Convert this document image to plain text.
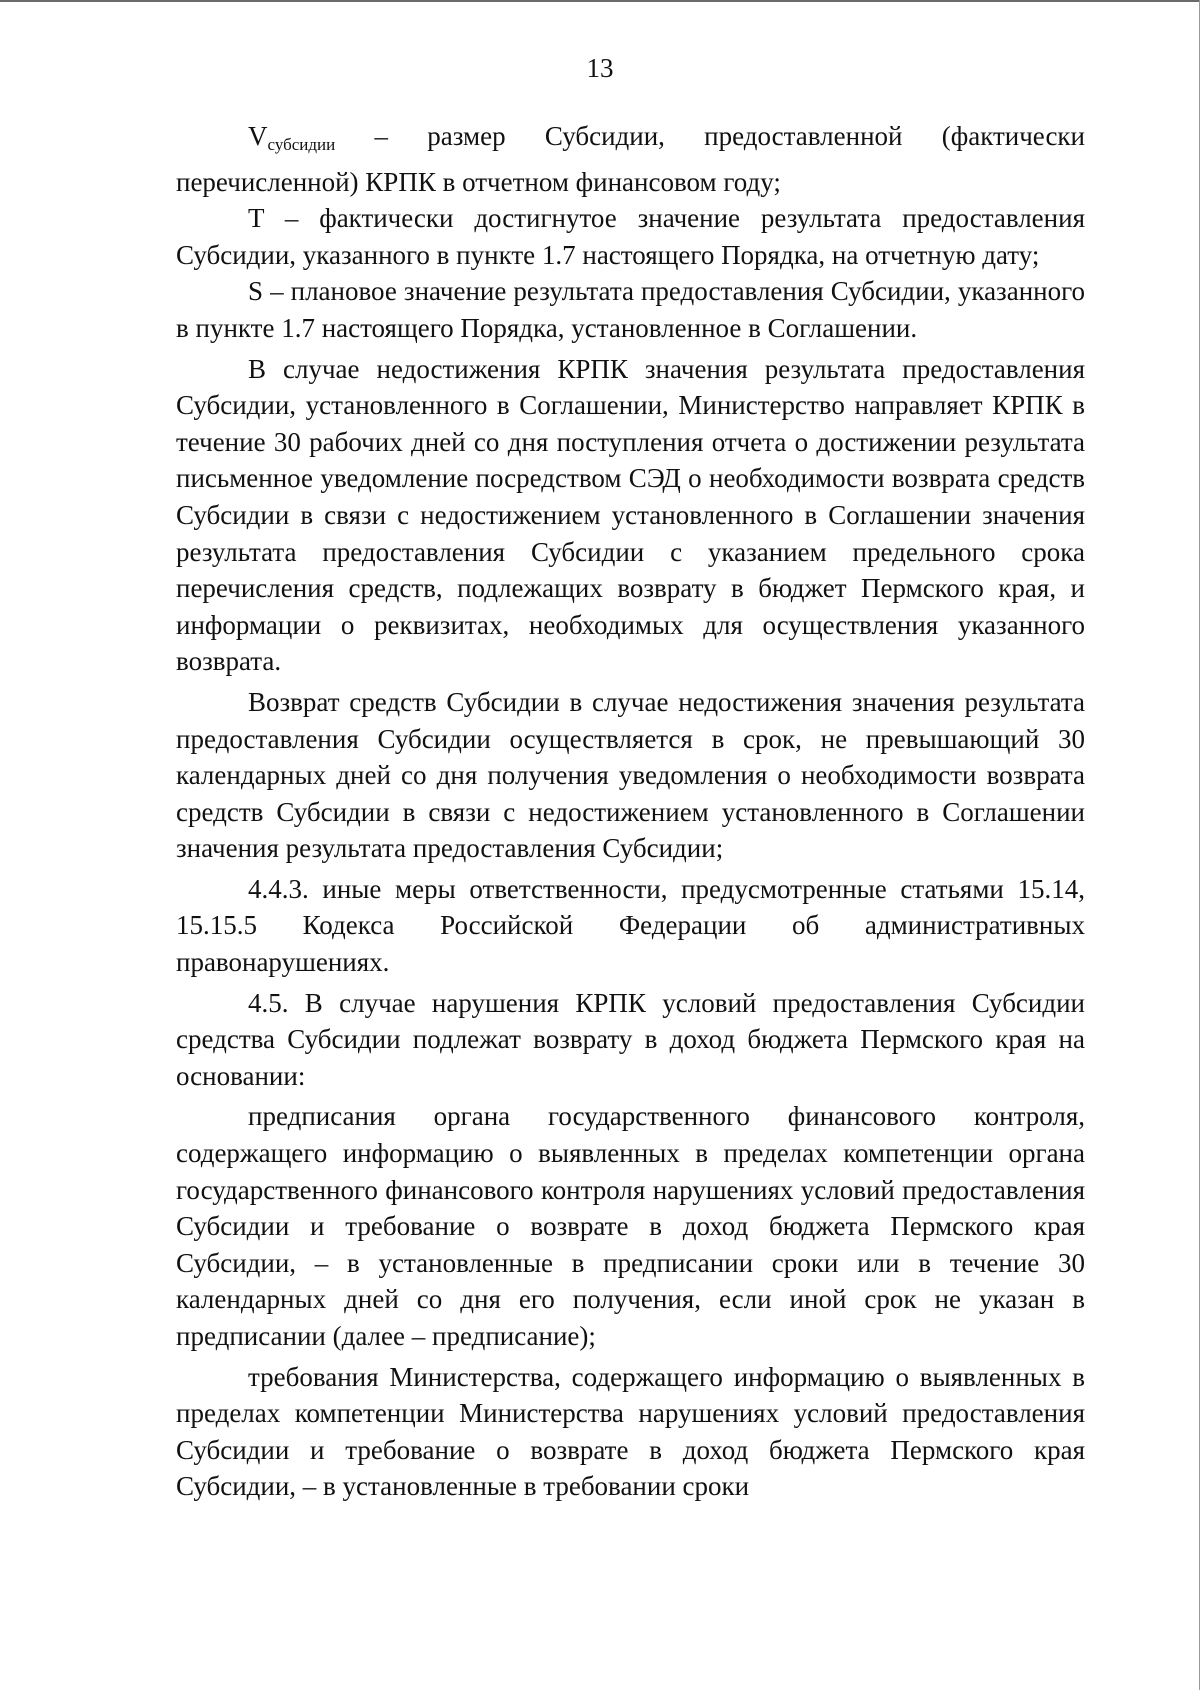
13

$V_{субсидии}$ – размер Субсидии, предоставленной (фактически перечисленной) КРПК в отчетном финансовом году;

T – фактически достигнутое значение результата предоставления Субсидии, указанного в пункте 1.7 настоящего Порядка, на отчетную дату;

S – плановое значение результата предоставления Субсидии, указанного в пункте 1.7 настоящего Порядка, установленное в Соглашении.

В случае недостижения КРПК значения результата предоставления Субсидии, установленного в Соглашении, Министерство направляет КРПК в течение 30 рабочих дней со дня поступления отчета о достижении результата письменное уведомление посредством СЭД о необходимости возврата средств Субсидии в связи с недостижением установленного в Соглашении значения результата предоставления Субсидии с указанием предельного срока перечисления средств, подлежащих возврату в бюджет Пермского края, и информации о реквизитах, необходимых для осуществления указанного возврата.

Возврат средств Субсидии в случае недостижения значения результата предоставления Субсидии осуществляется в срок, не превышающий 30 календарных дней со дня получения уведомления о необходимости возврата средств Субсидии в связи с недостижением установленного в Соглашении значения результата предоставления Субсидии;

4.4.3. иные меры ответственности, предусмотренные статьями 15.14, 15.15.5 Кодекса Российской Федерации об административных правонарушениях.

4.5. В случае нарушения КРПК условий предоставления Субсидии средства Субсидии подлежат возврату в доход бюджета Пермского края на основании:

предписания органа государственного финансового контроля, содержащего информацию о выявленных в пределах компетенции органа государственного финансового контроля нарушениях условий предоставления Субсидии и требование о возврате в доход бюджета Пермского края Субсидии, – в установленные в предписании сроки или в течение 30 календарных дней со дня его получения, если иной срок не указан в предписании (далее – предписание);

требования Министерства, содержащего информацию о выявленных в пределах компетенции Министерства нарушениях условий предоставления Субсидии и требование о возврате в доход бюджета Пермского края Субсидии, – в установленные в требовании сроки
